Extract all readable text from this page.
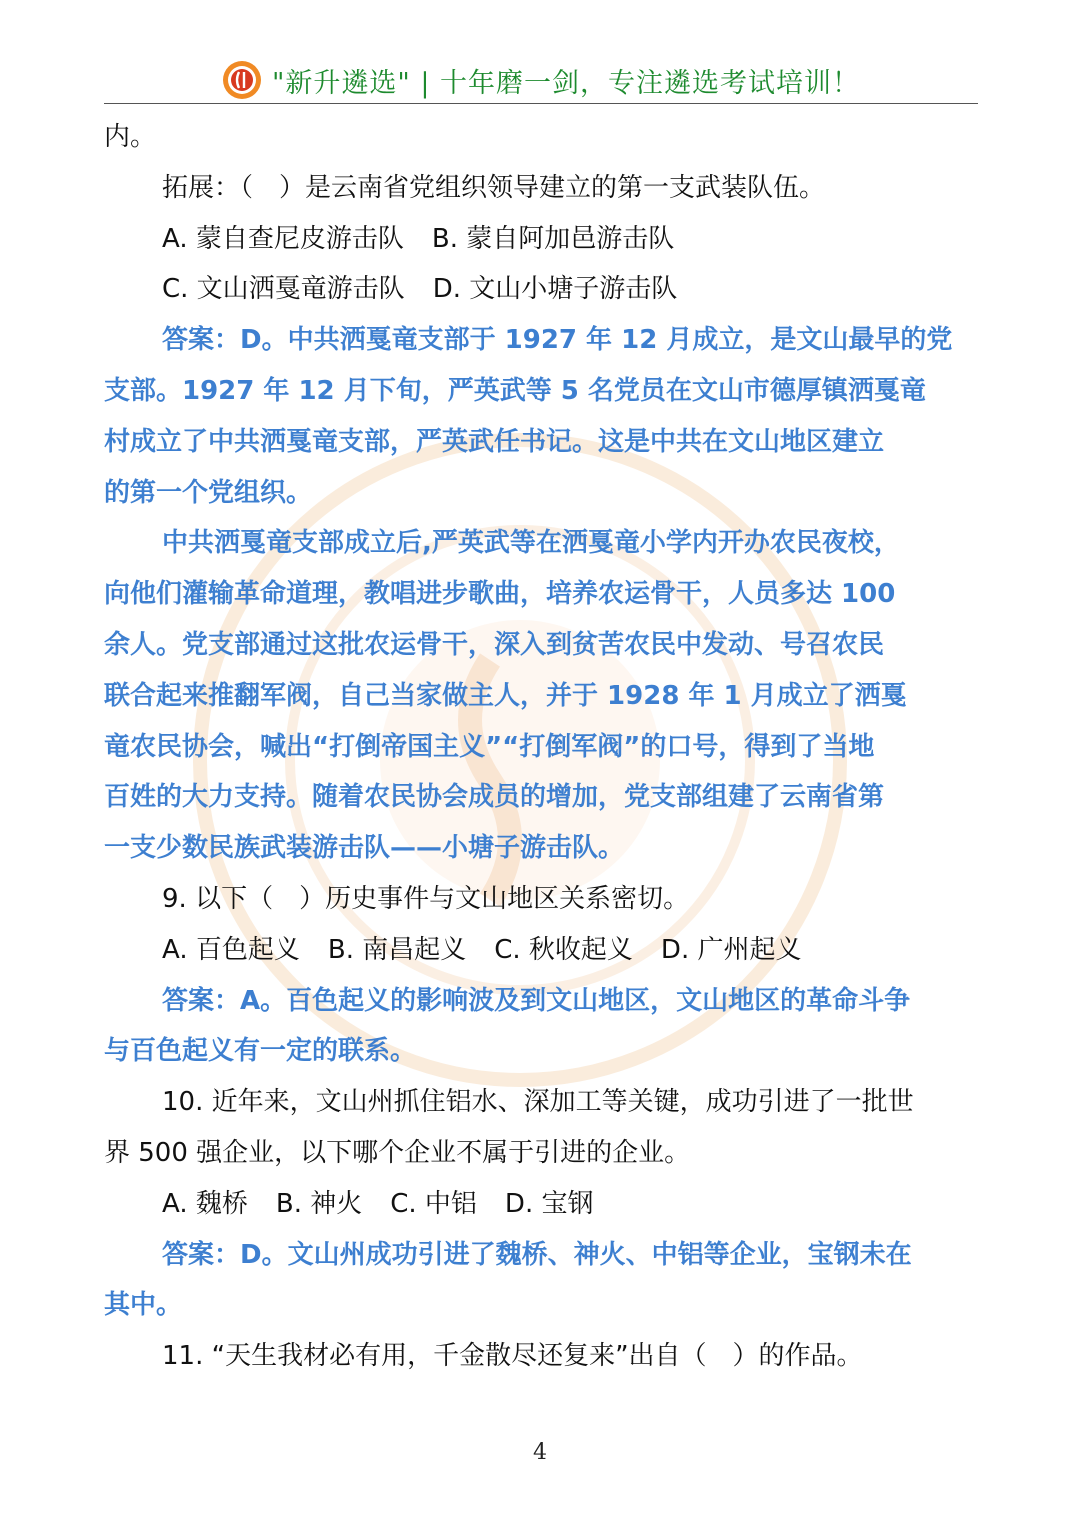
"新升遴选" | 十年磨一剑，专注遴选考试培训！
内。
拓展：（　）是云南省党组织领导建立的第一支武装队伍。
A. 蒙自查尼皮游击队 B. 蒙自阿加邑游击队
C. 文山洒戛竜游击队 D. 文山小塘子游击队
答案：D。中共洒戛竜支部于 1927 年 12 月成立，是文山最早的党
支部。1927 年 12 月下旬，严英武等 5 名党员在文山市德厚镇洒戛竜
村成立了中共洒戛竜支部，严英武任书记。这是中共在文山地区建立
的第一个党组织。
中共洒戛竜支部成立后,严英武等在洒戛竜小学内开办农民夜校，
向他们灌输革命道理，教唱进步歌曲，培养农运骨干，人员多达 100
余人。党支部通过这批农运骨干，深入到贫苦农民中发动、号召农民
联合起来推翻军阀，自己当家做主人，并于 1928 年 1 月成立了洒戛
竜农民协会，喊出“打倒帝国主义”“打倒军阀”的口号，得到了当地
百姓的大力支持。随着农民协会成员的增加，党支部组建了云南省第
一支少数民族武装游击队——小塘子游击队。
9. 以下（　）历史事件与文山地区关系密切。
A. 百色起义 B. 南昌起义 C. 秋收起义 D. 广州起义
答案：A。百色起义的影响波及到文山地区，文山地区的革命斗争
与百色起义有一定的联系。
10. 近年来，文山州抓住铝水、深加工等关键，成功引进了一批世
界 500 强企业，以下哪个企业不属于引进的企业。
A. 魏桥 B. 神火 C. 中铝 D. 宝钢
答案：D。文山州成功引进了魏桥、神火、中铝等企业，宝钢未在
其中。
11. “天生我材必有用，千金散尽还复来”出自（　）的作品。
4
